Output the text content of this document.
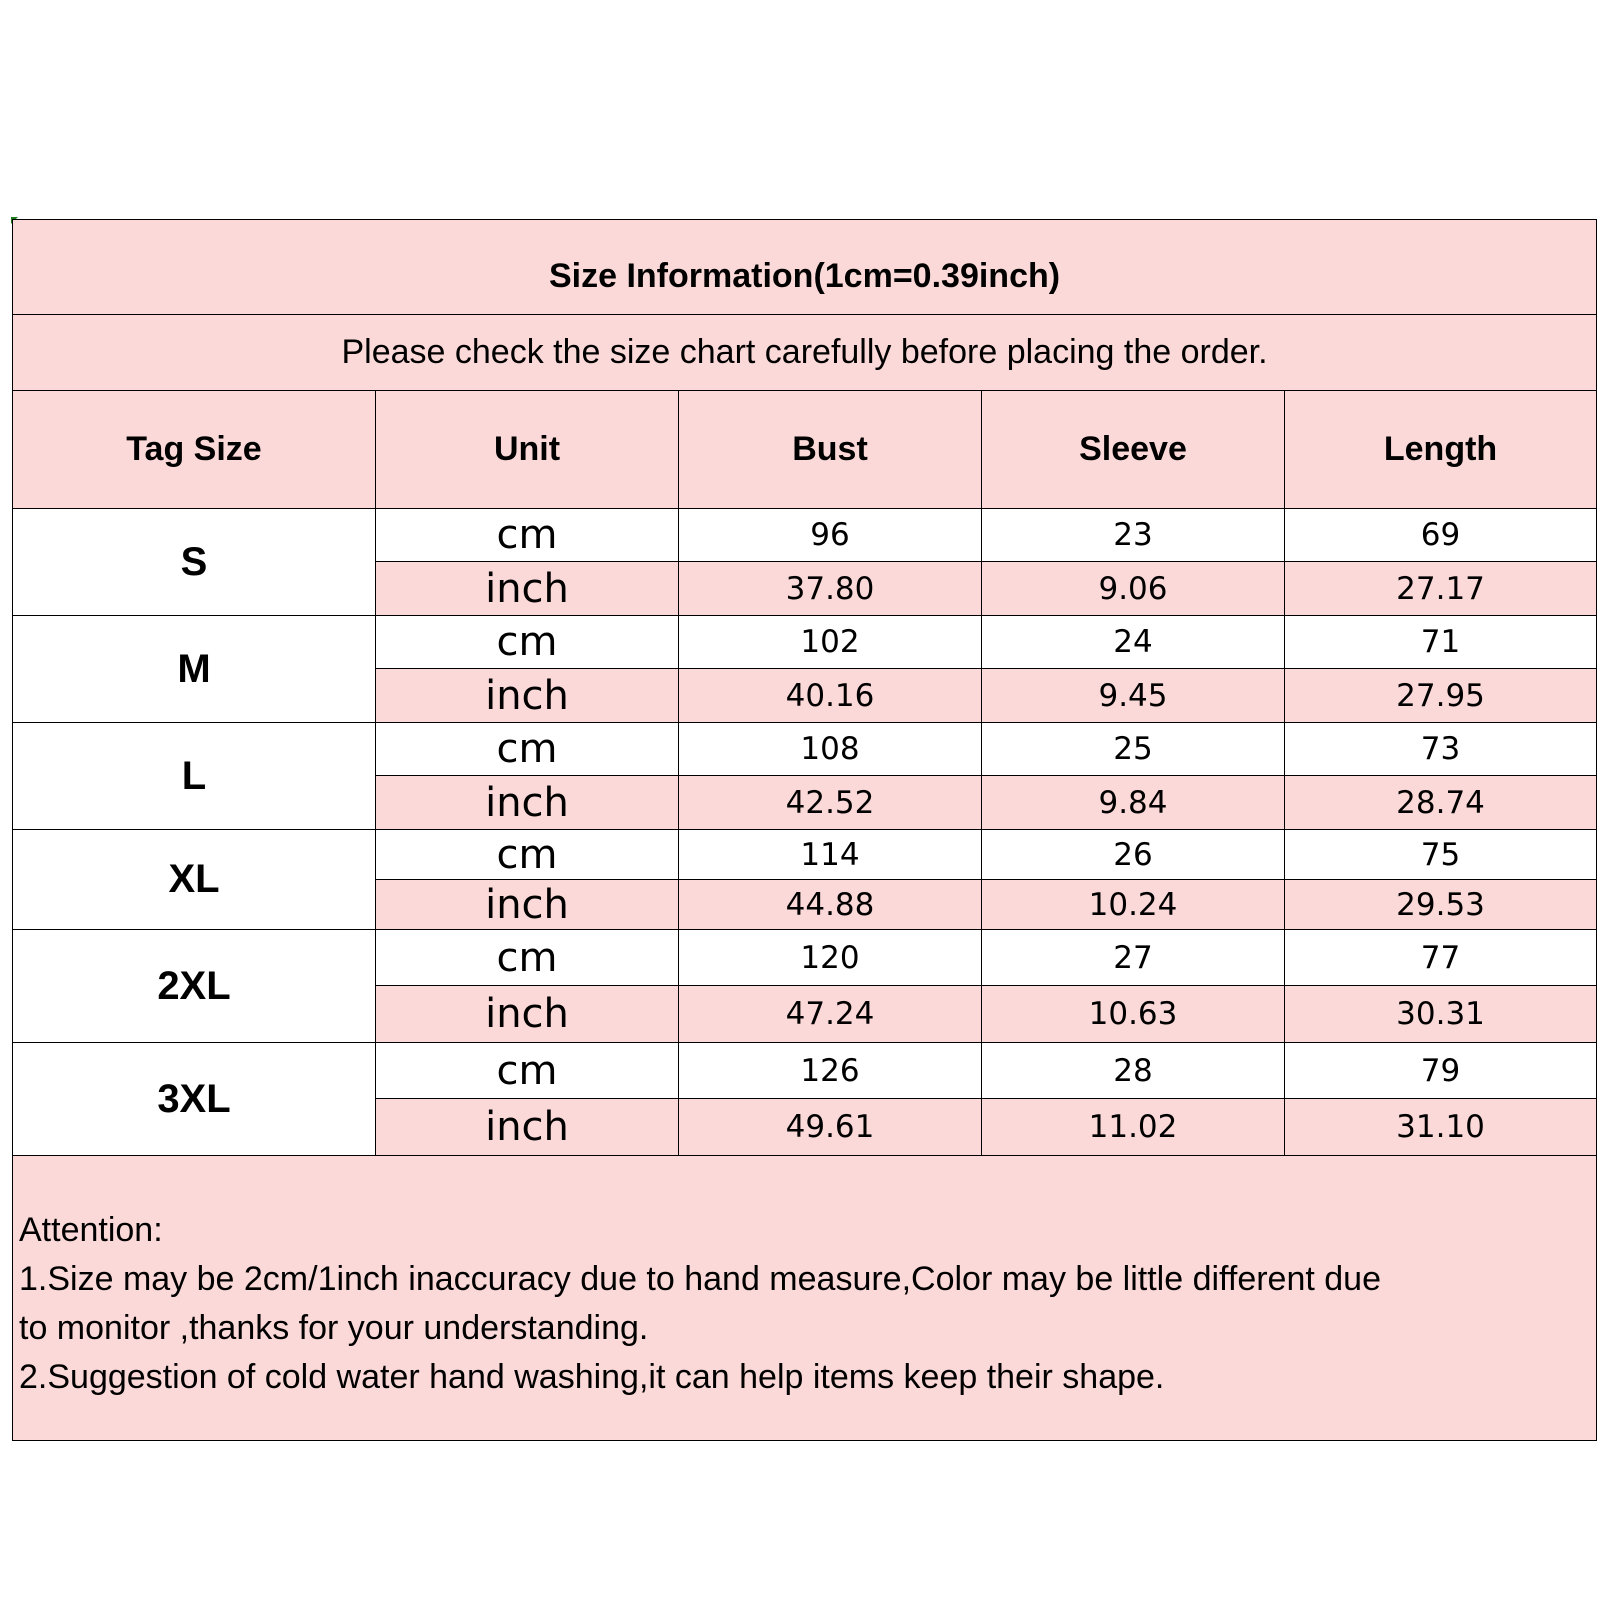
Size Information(1cm=0.39inch)				
Please check the size chart carefully before placing the order.				
Tag Size	Unit	Bust	Sleeve	Length
S	cm	96	23	69
	inch	37.80	9.06	27.17
M	cm	102	24	71
	inch	40.16	9.45	27.95
L	cm	108	25	73
	inch	42.52	9.84	28.74
XL	cm	114	26	75
	inch	44.88	10.24	29.53
2XL	cm	120	27	77
	inch	47.24	10.63	30.31
3XL	cm	126	28	79
	inch	49.61	11.02	31.10

Attention:
1.Size may be 2cm/1inch inaccuracy due to hand measure,Color may be little different due
to monitor ,thanks for your understanding.
2.Suggestion of cold water hand washing,it can help items keep their shape.				
